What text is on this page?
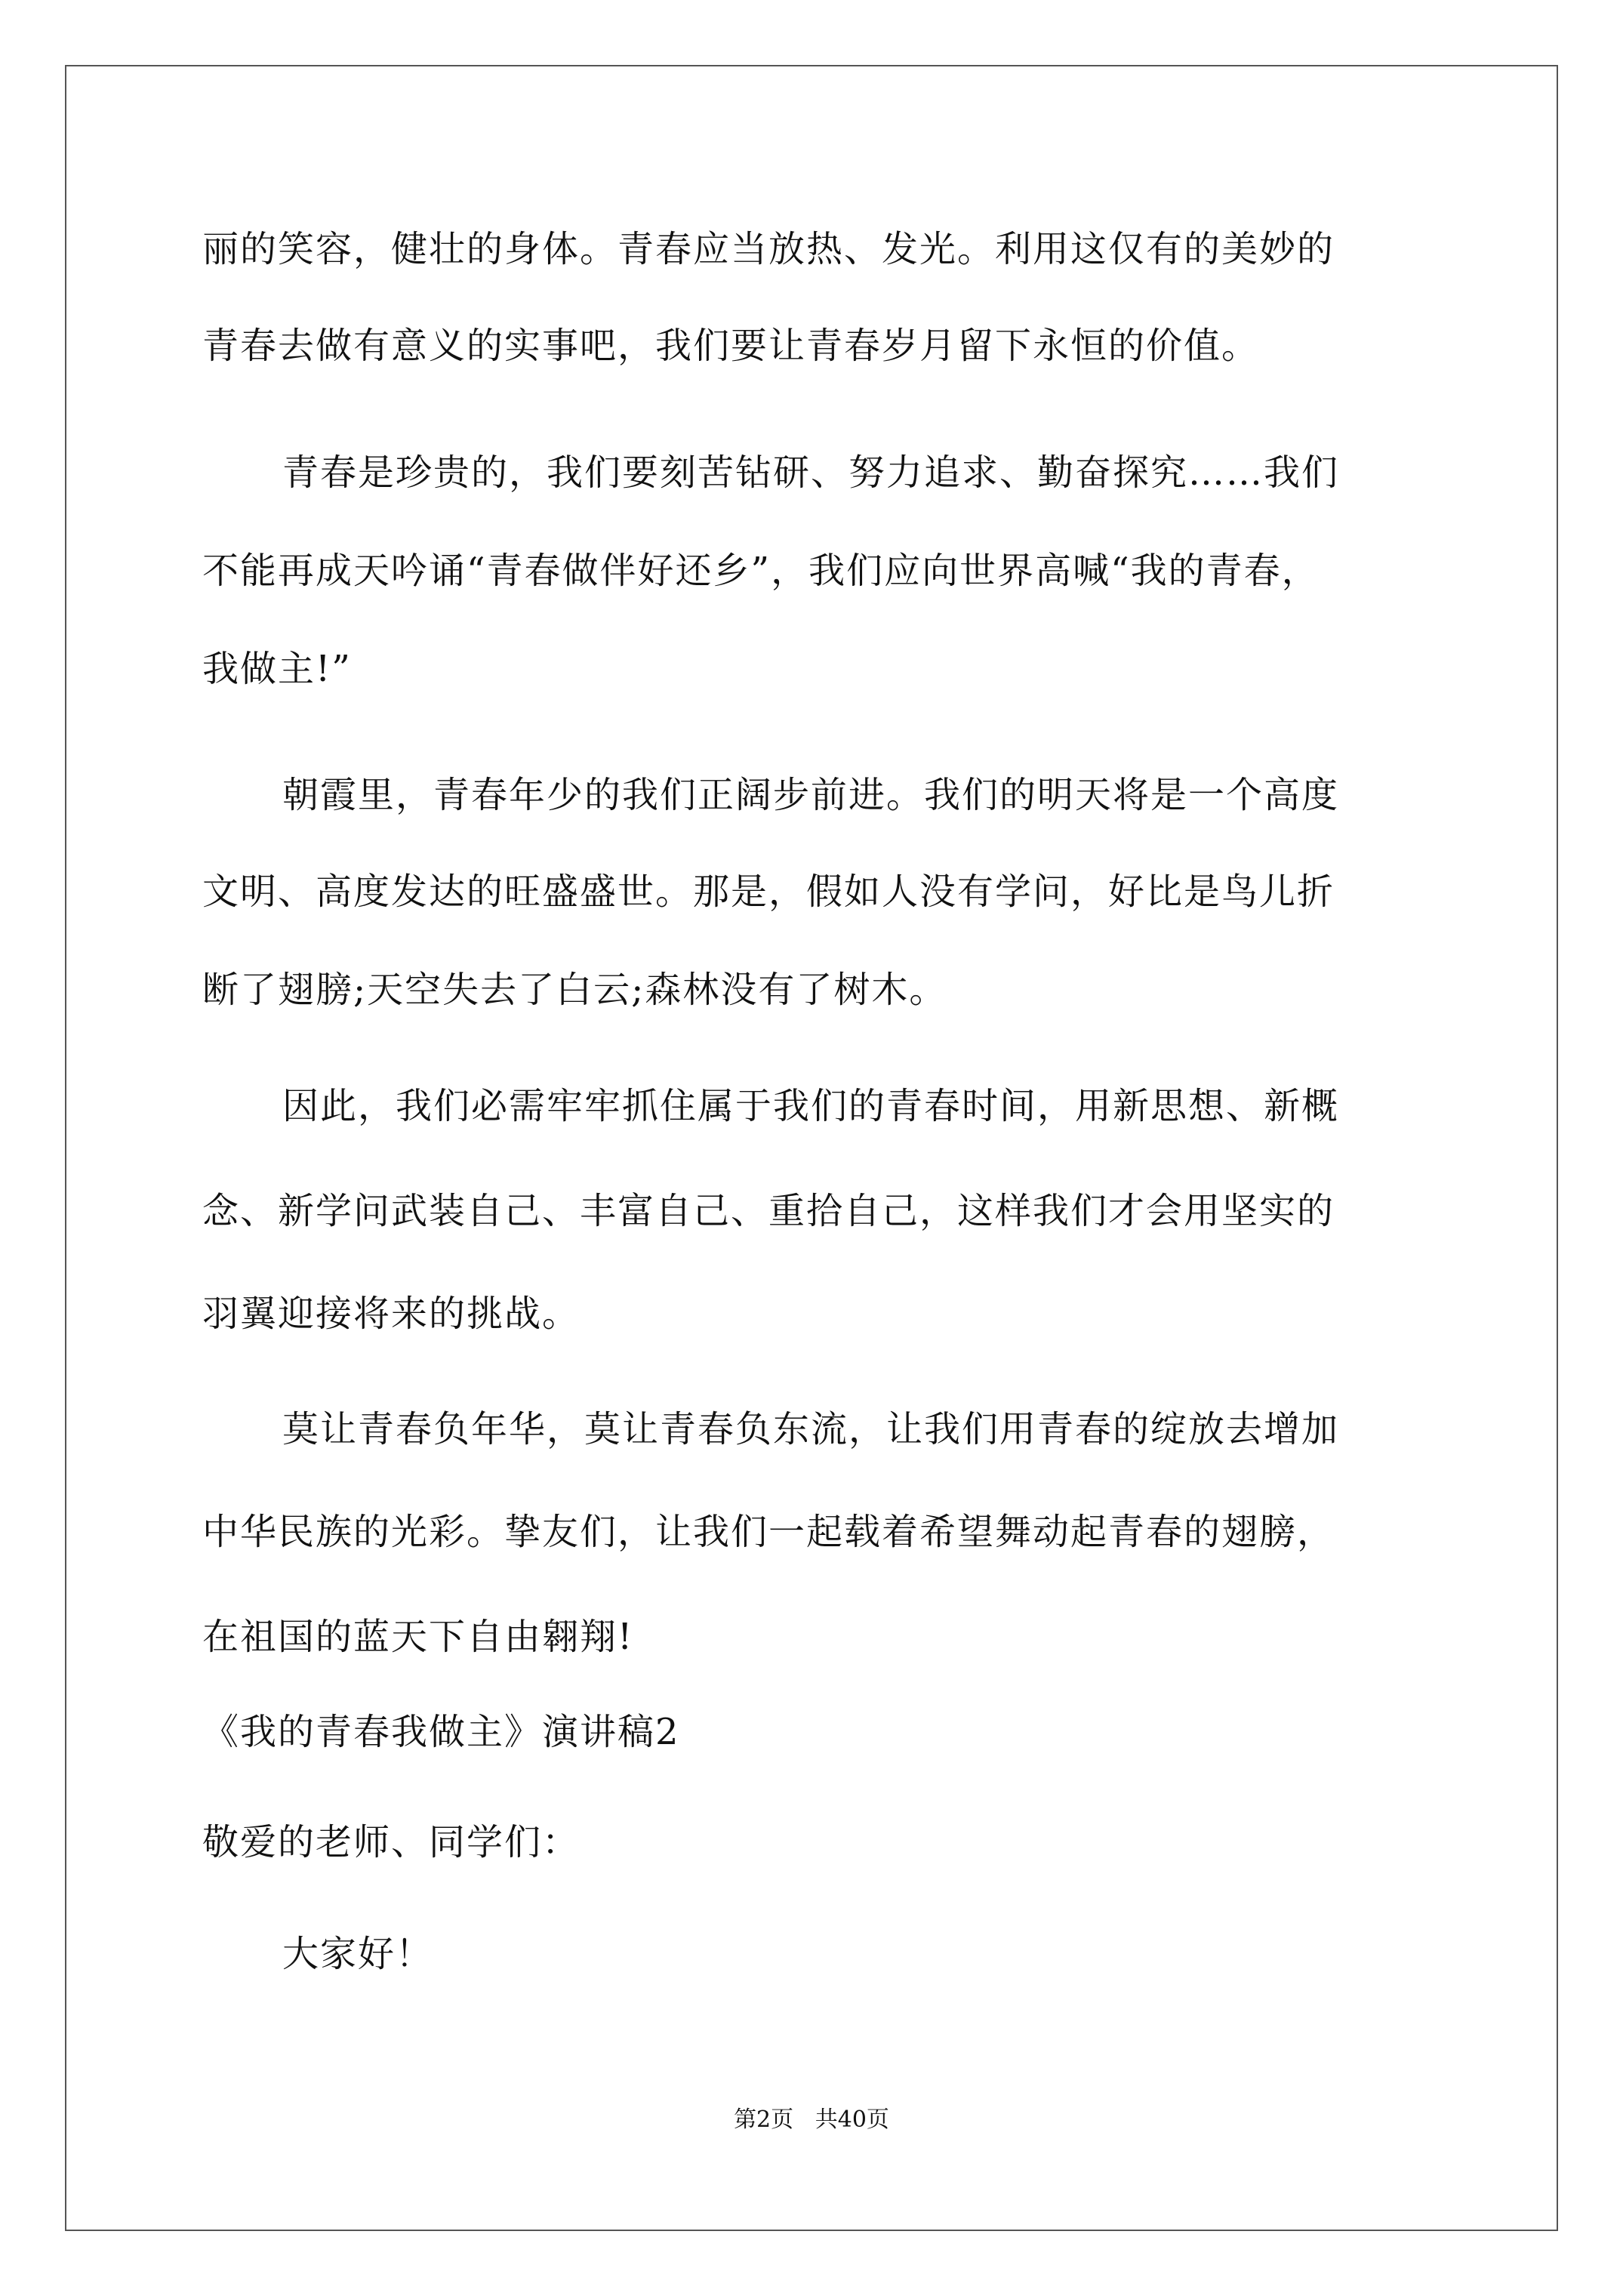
丽的笑容，健壮的身体。青春应当放热、发光。利用这仅有的美妙的
青春去做有意义的实事吧，我们要让青春岁月留下永恒的价值。
青春是珍贵的，我们要刻苦钻研、努力追求、勤奋探究……我们
不能再成天吟诵“青春做伴好还乡”，我们应向世界高喊“我的青春，
我做主!”
朝霞里，青春年少的我们正阔步前进。我们的明天将是一个高度
文明、高度发达的旺盛盛世。那是，假如人没有学问，好比是鸟儿折
断了翅膀;天空失去了白云;森林没有了树木。
因此，我们必需牢牢抓住属于我们的青春时间，用新思想、新概
念、新学问武装自己、丰富自己、重拾自己，这样我们才会用坚实的
羽翼迎接将来的挑战。
莫让青春负年华，莫让青春负东流，让我们用青春的绽放去增加
中华民族的光彩。挚友们，让我们一起载着希望舞动起青春的翅膀，
在祖国的蓝天下自由翱翔!
《我的青春我做主》演讲稿2
敬爱的老师、同学们：
大家好！
第2页   共40页
